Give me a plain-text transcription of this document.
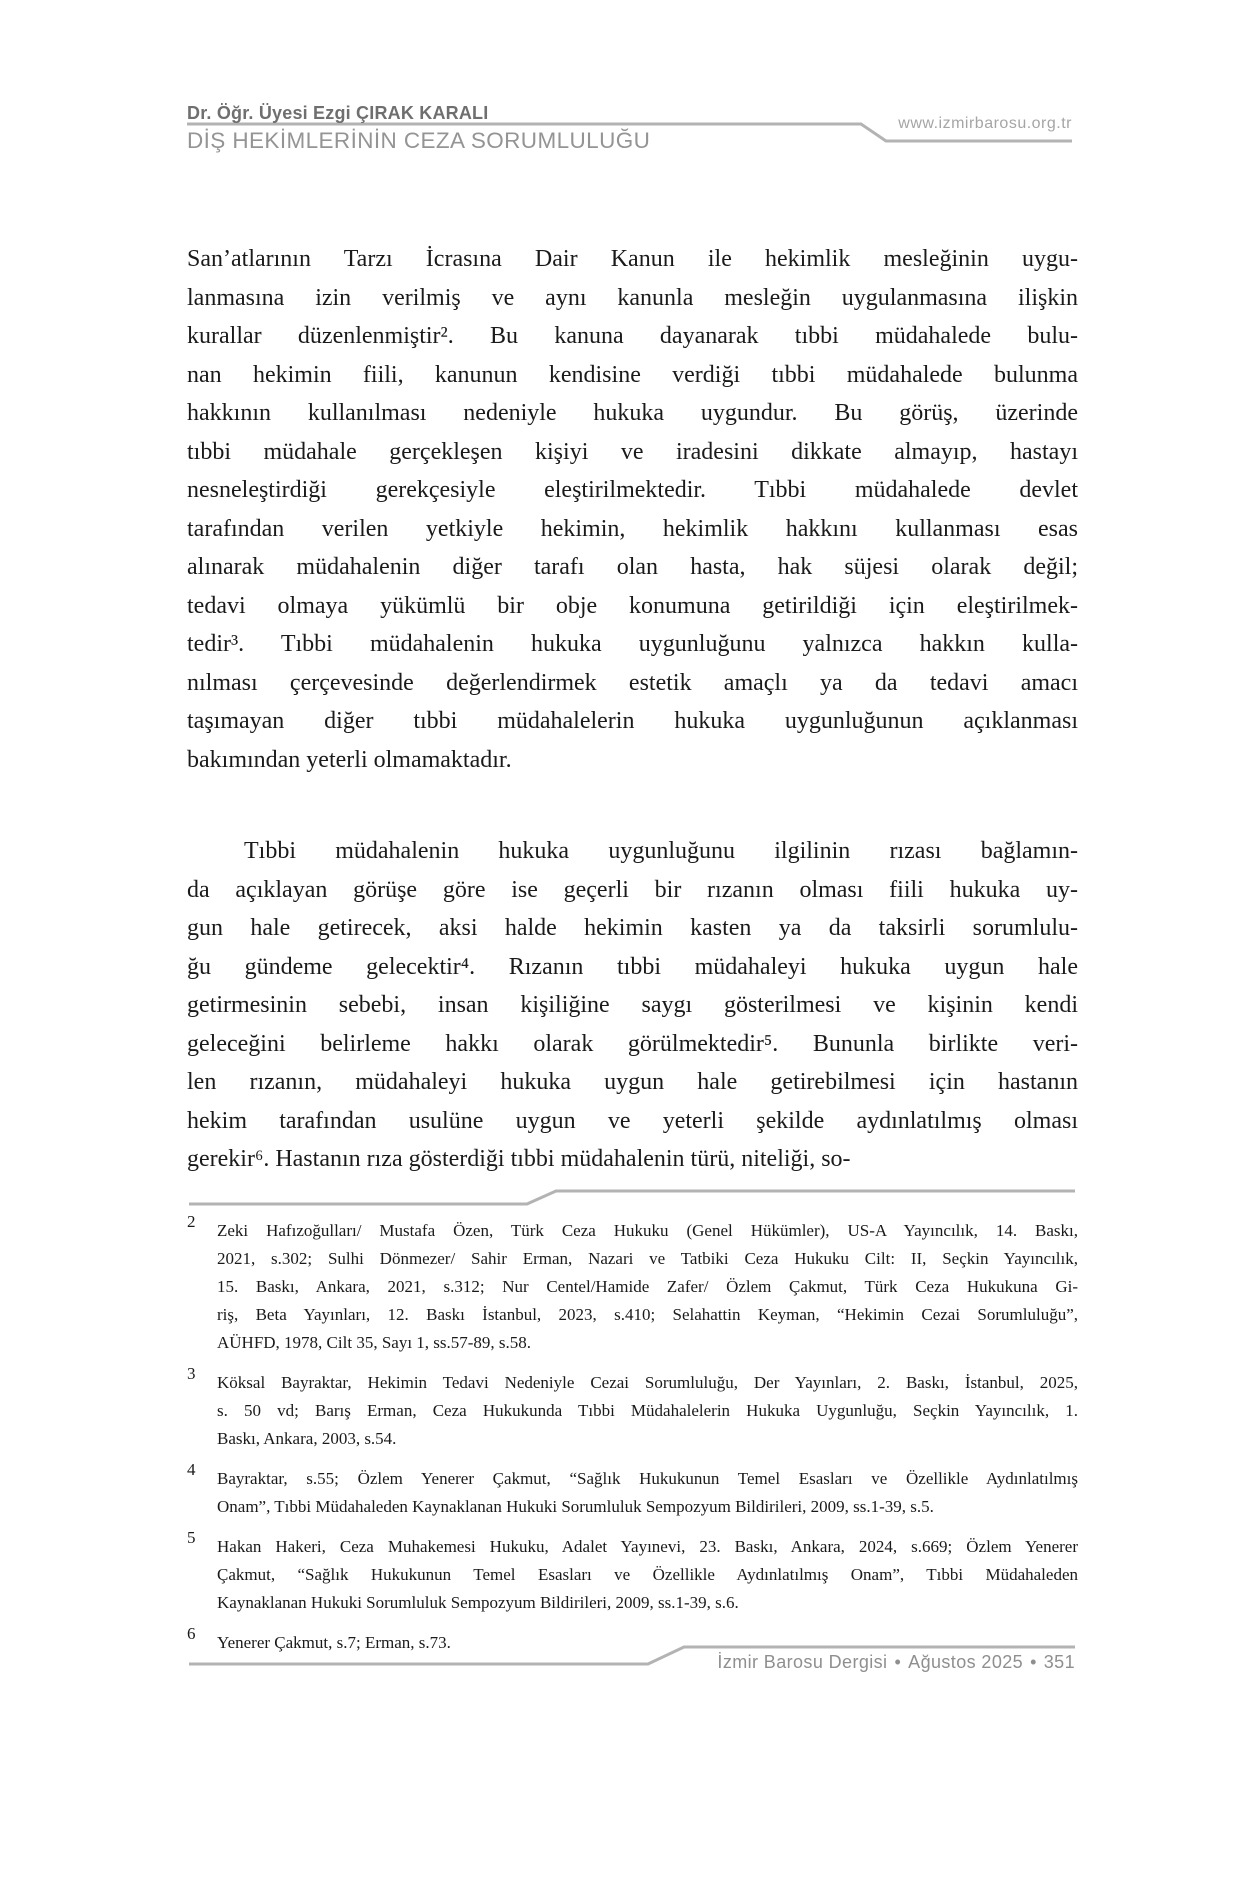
Dr. Öğr. Üyesi Ezgi ÇIRAK KARALI
DİŞ HEKİMLERİNİN CEZA SORUMLULUĞU
www.izmirbarosu.org.tr
San’atlarının Tarzı İcrasına Dair Kanun ile hekimlik mesleğinin uygu-
lanmasına izin verilmiş ve aynı kanunla mesleğin uygulanmasına ilişkin
kurallar düzenlenmiştir². Bu kanuna dayanarak tıbbi müdahalede bulu-
nan hekimin fiili, kanunun kendisine verdiği tıbbi müdahalede bulunma
hakkının kullanılması nedeniyle hukuka uygundur. Bu görüş, üzerinde
tıbbi müdahale gerçekleşen kişiyi ve iradesini dikkate almayıp, hastayı
nesneleştirdiği gerekçesiyle eleştirilmektedir. Tıbbi müdahalede devlet
tarafından verilen yetkiyle hekimin, hekimlik hakkını kullanması esas
alınarak müdahalenin diğer tarafı olan hasta, hak süjesi olarak değil;
tedavi olmaya yükümlü bir obje konumuna getirildiği için eleştirilmek-
tedir³. Tıbbi müdahalenin hukuka uygunluğunu yalnızca hakkın kulla-
nılması çerçevesinde değerlendirmek estetik amaçlı ya da tedavi amacı
taşımayan diğer tıbbi müdahalelerin hukuka uygunluğunun açıklanması
bakımından yeterli olmamaktadır.
Tıbbi müdahalenin hukuka uygunluğunu ilgilinin rızası bağlamın-
da açıklayan görüşe göre ise geçerli bir rızanın olması fiili hukuka uy-
gun hale getirecek, aksi halde hekimin kasten ya da taksirli sorumlulu-
ğu gündeme gelecektir⁴. Rızanın tıbbi müdahaleyi hukuka uygun hale
getirmesinin sebebi, insan kişiliğine saygı gösterilmesi ve kişinin kendi
geleceğini belirleme hakkı olarak görülmektedir⁵. Bununla birlikte veri-
len rızanın, müdahaleyi hukuka uygun hale getirebilmesi için hastanın
hekim tarafından usulüne uygun ve yeterli şekilde aydınlatılmış olması
gerekir⁶. Hastanın rıza gösterdiği tıbbi müdahalenin türü, niteliği, so-
2	Zeki Hafızoğulları/ Mustafa Özen, Türk Ceza Hukuku (Genel Hükümler), US-A Yayıncılık, 14. Baskı,
2021, s.302; Sulhi Dönmezer/ Sahir Erman, Nazari ve Tatbiki Ceza Hukuku Cilt: II, Seçkin Yayıncılık,
15. Baskı, Ankara, 2021, s.312; Nur Centel/Hamide Zafer/ Özlem Çakmut, Türk Ceza Hukukuna Gi-
riş, Beta Yayınları, 12. Baskı İstanbul, 2023, s.410; Selahattin Keyman, “Hekimin Cezai Sorumluluğu”,
AÜHFD, 1978, Cilt 35, Sayı 1, ss.57-89, s.58.
3	Köksal Bayraktar, Hekimin Tedavi Nedeniyle Cezai Sorumluluğu, Der Yayınları, 2. Baskı, İstanbul, 2025,
s. 50 vd; Barış Erman, Ceza Hukukunda Tıbbi Müdahalelerin Hukuka Uygunluğu, Seçkin Yayıncılık, 1.
Baskı, Ankara, 2003, s.54.
4	Bayraktar, s.55; Özlem Yenerer Çakmut, “Sağlık Hukukunun Temel Esasları ve Özellikle Aydınlatılmış
Onam”, Tıbbi Müdahaleden Kaynaklanan Hukuki Sorumluluk Sempozyum Bildirileri, 2009, ss.1-39, s.5.
5	Hakan Hakeri, Ceza Muhakemesi Hukuku, Adalet Yayınevi, 23. Baskı, Ankara, 2024, s.669; Özlem Yenerer
Çakmut, “Sağlık Hukukunun Temel Esasları ve Özellikle Aydınlatılmış Onam”, Tıbbi Müdahaleden
Kaynaklanan Hukuki Sorumluluk Sempozyum Bildirileri, 2009, ss.1-39, s.6.
6	Yenerer Çakmut, s.7; Erman, s.73.
İzmir Barosu Dergisi • Ağustos 2025 • 351
